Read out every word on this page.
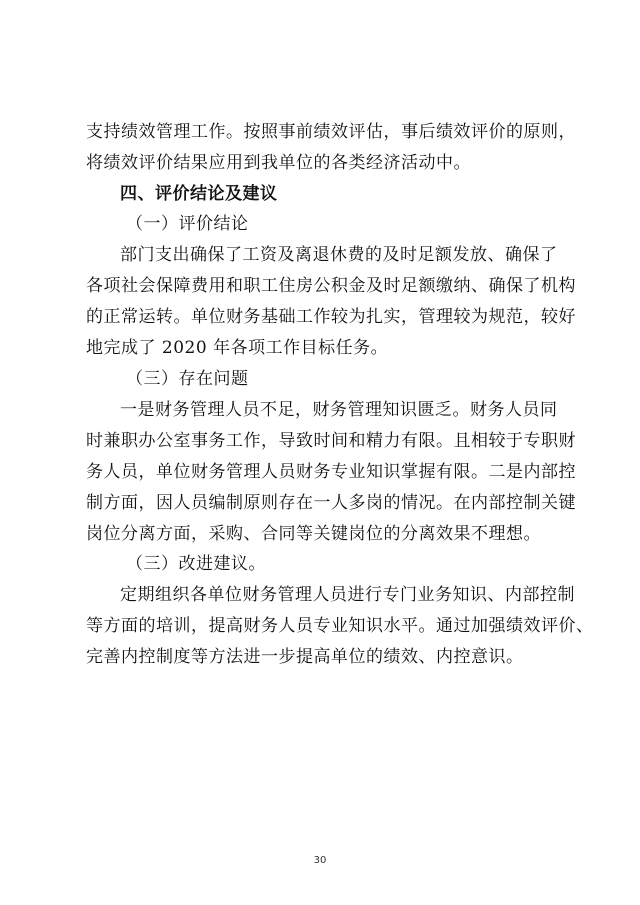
支持绩效管理工作。按照事前绩效评估，事后绩效评价的原则，
将绩效评价结果应用到我单位的各类经济活动中。
四、评价结论及建议
（一）评价结论
部门支出确保了工资及离退休费的及时足额发放、确保了
各项社会保障费用和职工住房公积金及时足额缴纳、确保了机构
的正常运转。单位财务基础工作较为扎实，管理较为规范，较好
地完成了 2020 年各项工作目标任务。
（三）存在问题
一是财务管理人员不足，财务管理知识匮乏。财务人员同
时兼职办公室事务工作，导致时间和精力有限。且相较于专职财
务人员，单位财务管理人员财务专业知识掌握有限。二是内部控
制方面，因人员编制原则存在一人多岗的情况。在内部控制关键
岗位分离方面，采购、合同等关键岗位的分离效果不理想。
（三）改进建议。
定期组织各单位财务管理人员进行专门业务知识、内部控制
等方面的培训，提高财务人员专业知识水平。通过加强绩效评价、
完善内控制度等方法进一步提高单位的绩效、内控意识。
30
